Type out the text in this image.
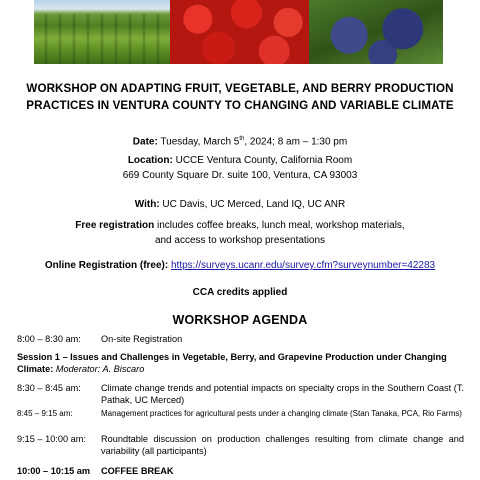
WORKSHOP ON ADAPTING FRUIT, VEGETABLE, AND BERRY PRODUCTION
PRACTICES IN VENTURA COUNTY TO CHANGING AND VARIABLE CLIMATE
Date: Tuesday, March 5th, 2024; 8 am – 1:30 pm
Location: UCCE Ventura County, California Room
669 County Square Dr. suite 100, Ventura, CA 93003
With: UC Davis, UC Merced, Land IQ, UC ANR
Free registration includes coffee breaks, lunch meal, workshop materials,
and access to workshop presentations
Online Registration (free): https://surveys.ucanr.edu/survey.cfm?surveynumber=42283
CCA credits applied
WORKSHOP AGENDA
8:00 – 8:30 am: On-site Registration
Session 1 – Issues and Challenges in Vegetable, Berry, and Grapevine Production under Changing Climate: Moderator: A. Biscaro
8:30 – 8:45 am: Climate change trends and potential impacts on specialty crops in the Southern Coast (T. Pathak, UC Merced)
8:45 – 9:15 am:	Management practices for agricultural pests under a changing climate (Stan Tanaka, PCA, Rio Farms)
9:15 – 10:00 am: Roundtable discussion on production challenges resulting from climate change and variability (all participants)
10:00 – 10:15 am COFFEE BREAK
